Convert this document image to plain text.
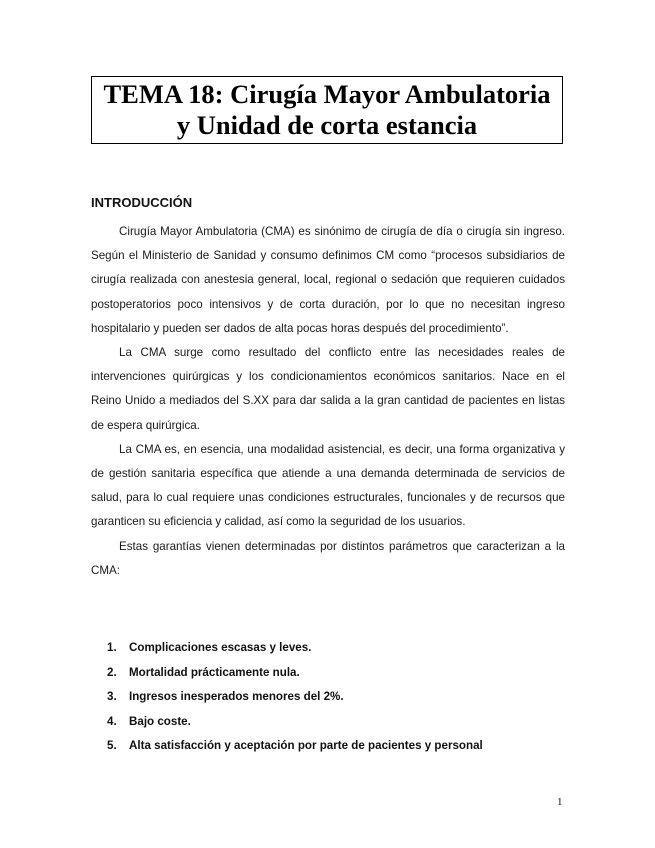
TEMA 18: Cirugía Mayor Ambulatoria
y Unidad de corta estancia
INTRODUCCIÓN

Cirugía Mayor Ambulatoria (CMA) es sinónimo de cirugía de día o cirugía sin ingreso. Según el Ministerio de Sanidad y consumo definimos CM como “procesos subsidiarios de cirugía realizada con anestesia general, local, regional o sedación que requieren cuidados postoperatorios poco intensivos y de corta duración, por lo que no necesitan ingreso hospitalario y pueden ser dados de alta pocas horas después del procedimiento”.

La CMA surge como resultado del conflicto entre las necesidades reales de intervenciones quirúrgicas y los condicionamientos económicos sanitarios. Nace en el Reino Unido a mediados del S.XX para dar salida a la gran cantidad de pacientes en listas de espera quirúrgica.

La CMA es, en esencia, una modalidad asistencial, es decir, una forma organizativa y de gestión sanitaria específica que atiende a una demanda determinada de servicios de salud, para lo cual requiere unas condiciones estructurales, funcionales y de recursos que garanticen su eficiencia y calidad, así como la seguridad de los usuarios.

Estas garantías vienen determinadas por distintos parámetros que caracterizan a la CMA:

1. Complicaciones escasas y leves.
2. Mortalidad prácticamente nula.
3. Ingresos inesperados menores del 2%.
4. Bajo coste.
5. Alta satisfacción y aceptación por parte de pacientes y personal
1
